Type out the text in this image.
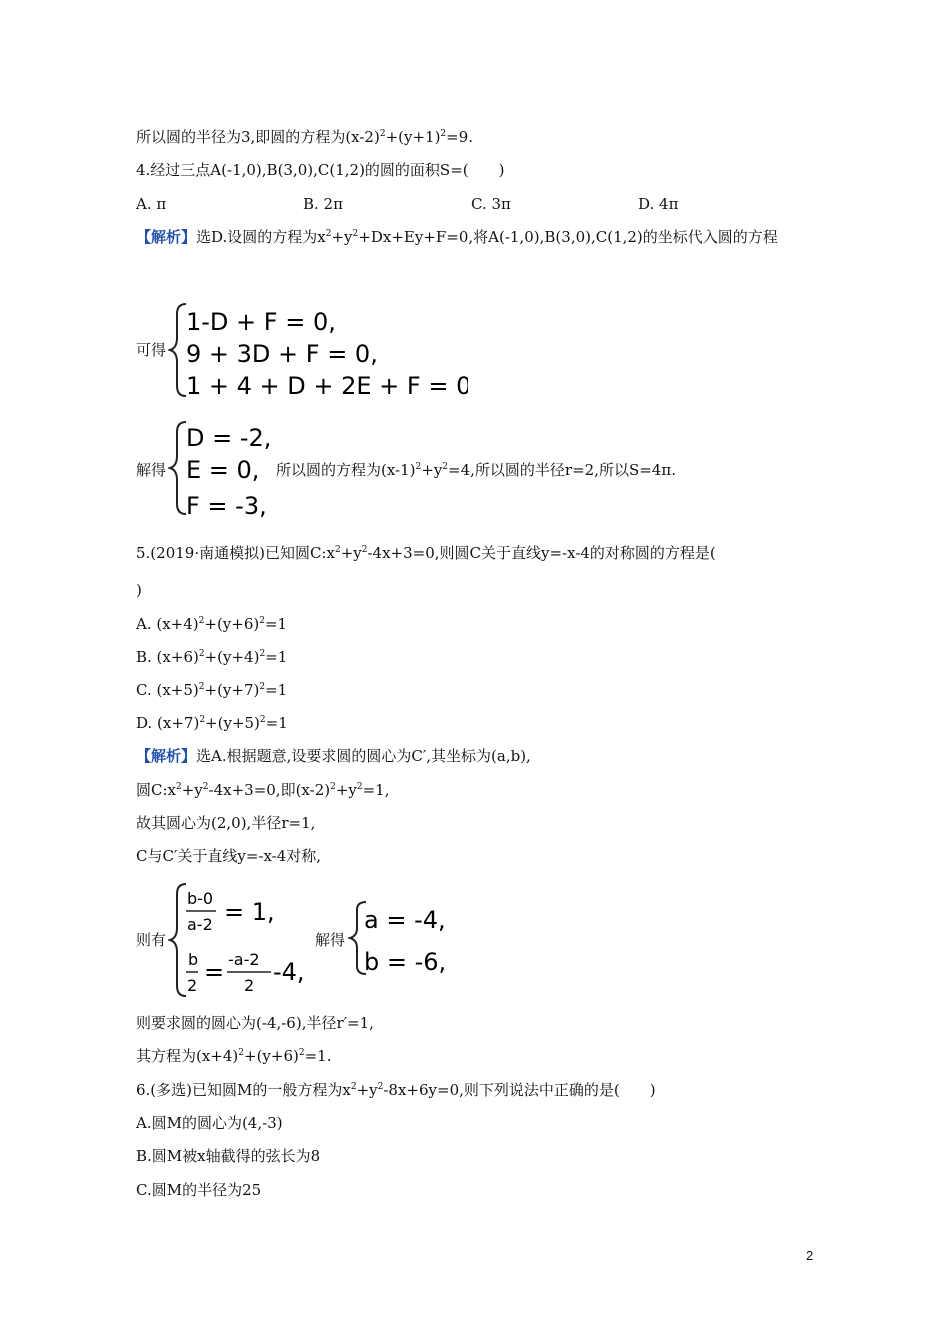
所以圆的半径为3,即圆的方程为$(x-2)^2+(y+1)^2=9$.
4.经过三点A(-1,0),B(3,0),C(1,2)的圆的面积S=(　　)
A. π	B. 2π	C. 3π	D. 4π
【解析】选D.设圆的方程为$x^2+y^2+Dx+Ey+F=0$,将A(-1,0),B(3,0),C(1,2)的坐标代入圆的方程
可得
1-D + F = 0,
9 + 3D + F = 0,
1 + 4 + D + 2E + F = 0,
解得
D = -2,
E = 0,
F = -3,
所以圆的方程为$(x-1)^2+y^2=4$,所以圆的半径r=2,所以S=4π.
5.(2019·南通模拟)已知圆$C:x^2+y^2-4x+3=0$,则圆C关于直线y=-x-4的对称圆的方程是(
)
A. $(x+4)^2+(y+6)^2=1$
B. $(x+6)^2+(y+4)^2=1$
C. $(x+5)^2+(y+7)^2=1$
D. $(x+7)^2+(y+5)^2=1$
【解析】选A.根据题意,设要求圆的圆心为C′,其坐标为(a,b),
圆$C:x^2+y^2-4x+3=0$,即$(x-2)^2+y^2=1$,
故其圆心为(2,0),半径r=1,
C与C′关于直线y=-x-4对称,
则有
b-0
a-2 = 1,
b
2 = -a-2
2 -4,
解得
a = -4,
b = -6,
则要求圆的圆心为(-4,-6),半径r′=1,
其方程为$(x+4)^2+(y+6)^2=1$.
6.(多选)已知圆M的一般方程为$x^2+y^2-8x+6y=0$,则下列说法中正确的是(　　)
A.圆M的圆心为(4,-3)
B.圆M被x轴截得的弦长为8
C.圆M的半径为25
2
